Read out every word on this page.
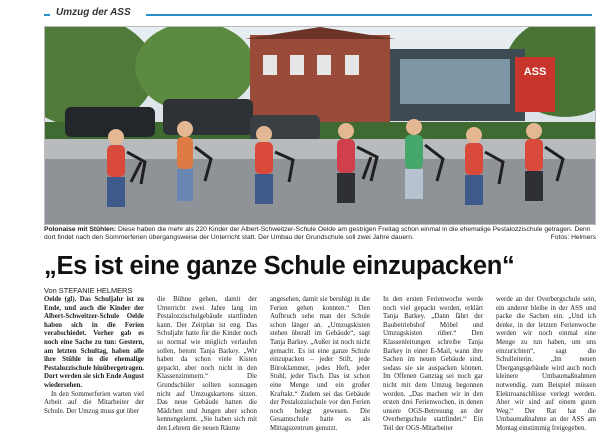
Umzug der ASS
ASS
Polonaise mit Stühlen: Diese haben die mehr als 220 Kinder der Albert-Schweitzer-Schule Oelde am gestrigen Freitag schon einmal in die ehemalige Pestalozzischule getragen. Denn dort findet nach den Sommerferien übergangsweise der Unterricht statt. Der Umbau der Grundschule soll zwei Jahre dauern.	Fotos: Helmers
„Es ist eine ganze Schule einzupacken“
Von STEFANIE HELMERS

Oelde (gl). Das Schuljahr ist zu Ende, und auch die Kinder der Albert-Schweitzer-Schule Oelde haben sich in die Ferien verabschiedet. Vorher gab es noch eine Sache zu tun: Gestern, am letzten Schultag, haben alle ihre Stühle in die ehemalige Pestalozzischule hinübergetragen. Dort werden sie sich Ende August wiedersehen.

In den Sommerferien warten viel Arbeit auf die Mitarbeiter der Schule. Der Umzug muss gut über

die Bühne gehen, damit der Unterricht zwei Jahre lang im Pestalozzischulgebäude stattfinden kann. Der Zeitplan ist eng. Das Schuljahr hatte für die Kinder noch so normal wie möglich verlaufen sollen, betont Tanja Barkey. „Wir haben da schon viele Kisten gepackt, aber noch nicht in den Klassenzimmern.“ Die Grundschüler sollten sozusagen nicht auf Umzugskartons sitzen. Das neue Gebäude hatten die Mädchen und Jungen aber schon kennengelernt. „Sie haben sich mit den Lehrern die neuen Räume

angesehen, damit sie beruhigt in die Ferien gehen konnten.“ Den Aufbruch sehe man der Schule schon länger an. „Umzugskisten stehen überall im Gebäude“, sagt Tanja Barkey. „Außer ist noch nicht gemacht. Es ist eine ganze Schule einzupacken – jeder Stift, jede Büroklammer, jedes Heft, jeder Stuhl, jeder Tisch. Das ist schon eine Menge und ein großer Kraftakt.“ Zudem sei das Gebäude der Pestalozzischule vor den Ferien noch belegt gewesen. Die Gesamtschule hatte es als Mittagszentrum genutzt.

In den ersten Ferienwoche werde noch viel gepackt werden, erklärt Tanja Barkey. „Dann fährt der Baubetriebshof Möbel und Umzugskisten rüber.“ Den Klassenleitungen schreibe Tanja Barkey in einer E-Mail, wann ihre Sachen im neuen Gebäude sind, sodass sie sie auspacken können. Im Offenen Ganztag sei noch gar nicht mit dem Umzug begonnen worden. „Das machen wir in den ersten drei Ferienwochen, in denen unsere OGS-Betreuung an der Overbergschule stattfindet.“ Ein Teil der OGS-Mitarbeiter

werde an der Overbergschule sein, ein anderer bleibe in der ASS und packe die Sachen ein. „Und ich denke, in der letzten Ferienwoche werden wir noch einmal eine Menge zu tun haben, um uns einzurichten“, sagt die Schulleiterin. „Im neuen Übergangsgebäude wird auch noch kleinere Umbaumaßnahmen notwendig, zum Beispiel müssen Elektroanschlüsse verlegt werden. Aber wir sind auf einem guten Weg.“ Der Rat hat die Umbaumaßnahme an der ASS am Montag einstimmig freigegeben.
